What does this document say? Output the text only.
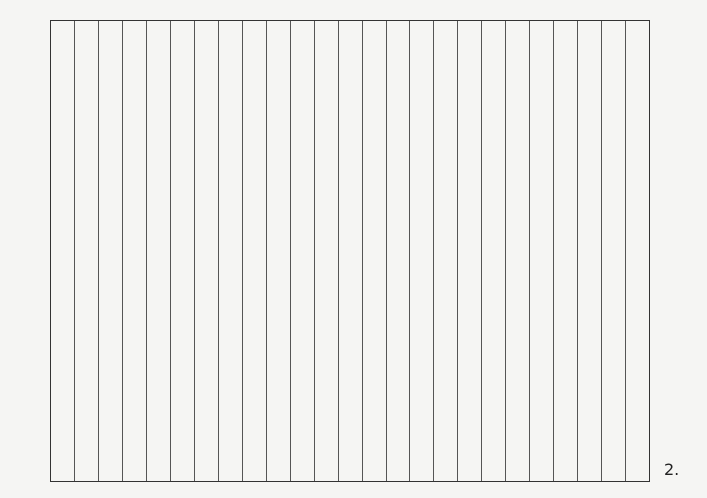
2.
